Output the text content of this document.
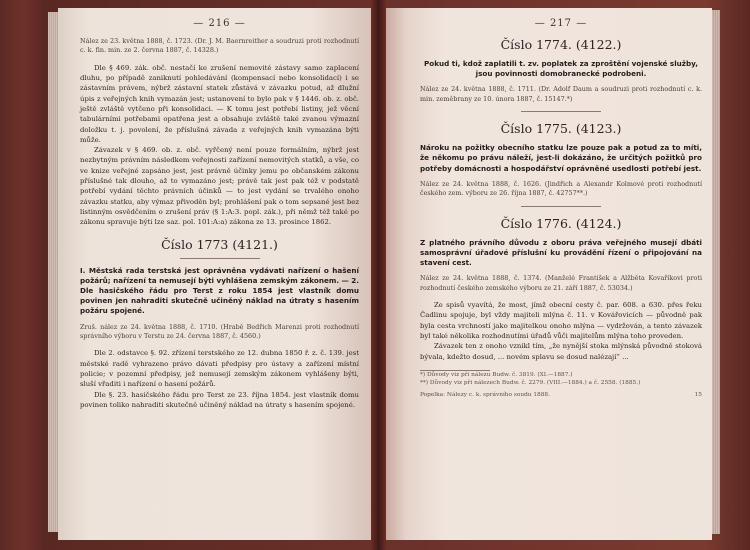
— 216 —

Nález ze 23. května 1888, č. 1723. (Dr. J. M. Baernreither a soudruzi proti rozhodnutí c. k. fin. min. ze 2. června 1887, č. 14328.)

Dle § 469. zák. obč. nestačí ke zrušení nemovité zástavy samo zaplacení dluhu, po případě zaniknutí pohledávání (kompensací nebo konsolidací) i se zástavním právem, nýbrž zástavní statek zůstává v závazku potud, až dlužní úpis z veřejných knih vymazán jest; ustanovení to bylo pak v § 1446. ob. z. obč. ještě zvláště vytčeno při konsolidaci. — K tomu jest potřebí listiny, jež věcní tabulárními potřebami opatřena jest a obsahuje zvláště také zvanou výmazní doložku t. j. povolení, že příslušná závada z veřejných knih vymazána býti může.

Závazek v § 469. ob. z. obč. vyřčený není pouze formálním, nýbrž jest nezbytným právním následkem veřejnosti zařízení nemovitých statků, a vše, co ve knize veřejné zapsáno jest, jest právně účinky jemu po občanském zákonu příslušné tak dlouho, až to vymazáno jest; právě tak jest pak též v podstatě potřebí vydání těchto právních účinků — to jest vydání se trvalého onoho závazku statku, aby výmaz přivoděn byl; prohlášení pak o tom sepsané jest bez listinným osvědčením o zrušení práv (§ 1:A:3. popl. zák.), při němž též také po zákonu spravuje býti lze saz. pol. 101:A:a) zákona ze 13. prosince 1862.

Číslo 1773 (4121.)

I. Městská rada terstská jest oprávněna vydávati nařízení o hašení požárů; nařízení ta nemusejí býti vyhlášena zemským zákonem. — 2. Dle hasičského řádu pro Terst z roku 1854 jest vlastník domu povinen jen nahraditi skutečně učiněný náklad na útraty s hasením požáru spojené.

Zruš. nález ze 24. května 1888, č. 1710. (Hrabě Bedřich Marenzi proti rozhodnutí správního výboru v Terstu ze 24. června 1887, č. 4560.)

Dle 2. odstavce §. 92. zřízení terstského ze 12. dubna 1850 ř. z. č. 139. jest městské radě vyhrazeno právo dávati předpisy pro ústavy a zařízení místní policie; v pozemní předpisy, jež nemusejí zemským zákonem vyhlášeny býti, sluší vřaditi i nařízení o hasení požárů.

Dle §. 23. hasičského řádu pro Terst ze 23. října 1854. jest vlastník domu povinen toliko nahraditi skutečně učiněný náklad na útraty s hasením spojené.

— 217 —
Číslo 1774. (4122.)

Pokud ti, kdož zaplatili t. zv. poplatek za zproštění vojenské služby, jsou povinnosti domobranecké podrobeni.

Nález ze 24. května 1888, č. 1711. (Dr. Adolf Daum a soudruzi proti rozhodnutí c. k. min. zeměbrany ze 10. února 1887, č. 15147.*)

Číslo 1775. (4123.)

Nároku na požitky obecního statku lze pouze pak a potud za to míti, že někomu po právu náleží, jest-li dokázáno, že určitých požitků pro potřeby domácnosti a hospodářství oprávněné usedlosti potřebí jest.

Nález ze 24. května 1888, č. 1626. (Jindřich a Alexandr Kolmové proti rozhodnutí českého zem. výboru ze 26. října 1887, č. 42757**.)

Číslo 1776. (4124.)

Z platného právního důvodu z oboru práva veřejného musejí dbáti samosprávní úřadové příslušní ku provádění řízení o připojování na stavení cest.

Nález ze 24. května 1888, č. 1374. (Manželé František a Alžběta Kovaříkovi proti rozhodnutí českého zemského výboru ze 21. září 1887, č. 53034.)

Ze spisů vyavítá, že most, jímž obecní cesty č. par. 608. a 630. přes řeku Čadlinu spojuje, byl vždy majiteli mlýna č. 11. v Kovářovicích — původně pak byla cesta vrchností jako majitelkou onoho mlýna — vydržován, a tento závazek byl také několika rozhodnutími úřadů vůči majitelům mlýna toho proveden.

Závazek ten z onoho vznikl tím, „že nynější stoka mlýnská původně stoková bývala, kdežto dosud, ... novém splavu se dosud nalézají“ ...

*) Důvody viz při nálezu Budw. č. 3819. (XI.—1887.)
**) Důvody viz při nálezech Budw. č. 2279. (VIII.—1884.) a č. 2558. (1885.)
Popelka: Nálezy c. k. správního soudu 1888.	15
